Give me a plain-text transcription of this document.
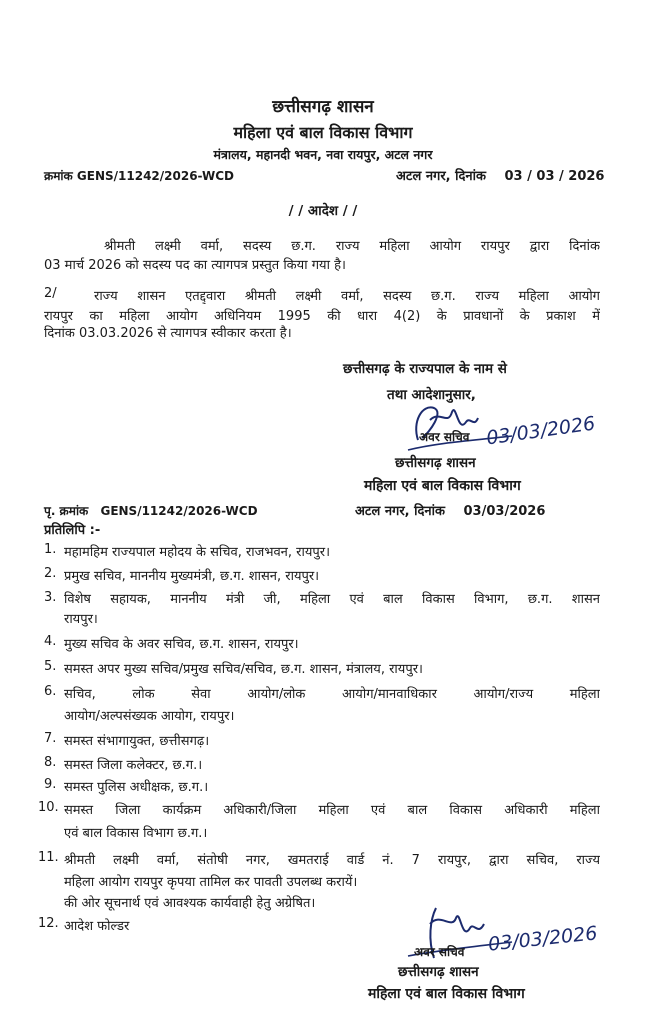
छत्तीसगढ़ शासन
महिला एवं बाल विकास विभाग
मंत्रालय, महानदी भवन, नवा रायपुर, अटल नगर
क्रमांक GENS/11242/2026-WCD	अटल नगर, दिनांक 03 / 03 / 2026
/ / आदेश / /
श्रीमती लक्ष्मी वर्मा, सदस्य छ.ग. राज्य महिला आयोग रायपुर द्वारा दिनांक
03 मार्च 2026 को सदस्य पद का त्यागपत्र प्रस्तुत किया गया है।
2/	राज्य शासन एतद्द्वारा श्रीमती लक्ष्मी वर्मा, सदस्य छ.ग. राज्य महिला आयोग
रायपुर का महिला आयोग अधिनियम 1995 की धारा 4(2) के प्रावधानों के प्रकाश में
दिनांक 03.03.2026 से त्यागपत्र स्वीकार करता है।
छत्तीसगढ़ के राज्यपाल के नाम से
तथा आदेशानुसार,
03/03/2026
अवर सचिव
छत्तीसगढ़ शासन
महिला एवं बाल विकास विभाग
पृ. क्रमांक GENS/11242/2026-WCD	अटल नगर, दिनांक 03/03/2026
प्रतिलिपि :-
1. महामहिम राज्यपाल महोदय के सचिव, राजभवन, रायपुर।
2. प्रमुख सचिव, माननीय मुख्यमंत्री, छ.ग. शासन, रायपुर।
3. विशेष सहायक, माननीय मंत्री जी, महिला एवं बाल विकास विभाग, छ.ग. शासन
रायपुर।
4. मुख्य सचिव के अवर सचिव, छ.ग. शासन, रायपुर।
5. समस्त अपर मुख्य सचिव/प्रमुख सचिव/सचिव, छ.ग. शासन, मंत्रालय, रायपुर।
6. सचिव, लोक सेवा आयोग/लोक आयोग/मानवाधिकार आयोग/राज्य महिला
आयोग/अल्पसंख्यक आयोग, रायपुर।
7. समस्त संभागायुक्त, छत्तीसगढ़।
8. समस्त जिला कलेक्टर, छ.ग.।
9. समस्त पुलिस अधीक्षक, छ.ग.।
10. समस्त जिला कार्यक्रम अधिकारी/जिला महिला एवं बाल विकास अधिकारी महिला
एवं बाल विकास विभाग छ.ग.।
11. श्रीमती लक्ष्मी वर्मा, संतोषी नगर, खमतराई वार्ड नं. 7 रायपुर, द्वारा सचिव, राज्य
महिला आयोग रायपुर कृपया तामिल कर पावती उपलब्ध करायें।
की ओर सूचनार्थ एवं आवश्यक कार्यवाही हेतु अग्रेषित।
12. आदेश फोल्डर	03/03/2026
अवर सचिव
छत्तीसगढ़ शासन
महिला एवं बाल विकास विभाग
